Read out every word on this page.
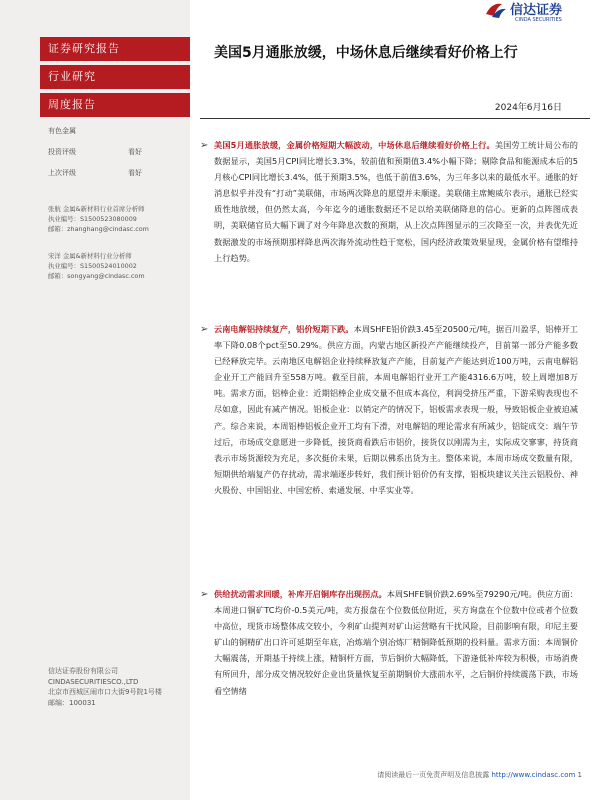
证券研究报告
行业研究
周度报告
有色金属
投资评级	看好
上次评级	看好
张航 金属&新材料行业首席分析师
执业编号：S1500523080009
邮箱：zhanghang@cindasc.com
宋洋 金属&新材料行业分析师
执业编号：S1500524010002
邮箱：songyang@cindasc.com
信达证券股份有限公司
CINDASECURITIESCO.,LTD
北京市西城区闹市口大街9号院1号楼
邮编：100031
信达证券
CINDA SECURITIES
美国5月通胀放缓，中场休息后继续看好价格上行
2024年6月16日
➢ 美国5月通胀放缓，金属价格短期大幅波动，中场休息后继续看好价格上行。美国劳工统计局公布的数据显示，美国5月CPI同比增长3.3%，较前值和预期值3.4%小幅下降；剔除食品和能源成本后的5月核心CPI同比增长3.4%，低于预期3.5%，也低于前值3.6%，为三年多以来的最低水平。通胀的好消息似乎并没有“打动”美联储，市场两次降息的愿望并未顺遂。美联储主席鲍威尔表示，通胀已经实质性地放缓，但仍然太高，今年迄今的通胀数据还不足以给美联储降息的信心。更新的点阵图成表明，美联储官员大幅下调了对今年降息次数的预期，从上次点阵图显示的三次降至一次，并表优先近数据激发的市场预期那样降息两次海外流动性趋于宽松，国内经济政策效果显现，金属价格有望维持上行趋势。
➢ 云南电解铝持续复产，铝价短期下跌。本周SHFE铝价跌3.45至20500元/吨，据百川盈孚，铝棒开工率下降0.08个pct至50.29%。供应方面，内蒙古地区新投产产能继续投产，目前第一部分产能多数已经释放完毕。云南地区电解铝企业持续释放复产产能，目前复产产能达到近100万吨，云南电解铝企业开工产能回升至558万吨。截至目前，本周电解铝行业开工产能4316.6万吨，较上周增加8万吨。需求方面，铝棒企业：近期铝棒企业成交量不但成本高位，利润受挤压严重，下游采购表现也不尽如意，因此有减产情况。铝板企业：以销定产的情况下，铝板需求表现一般，导致铝板企业被迫减产。综合来说，本周铝棒铝板企业开工均有下滑，对电解铝的理论需求有所减少，铝锭成交：端午节过后，市场成交意愿进一步降低，接货商看跌后市铝价，接货仅以刚需为主，实际成交寥寥，持货商表示市场货源较为充足，多次挺价未果，后期以佛系出货为主。整体来说，本周市场成交数量有限，短期供给端复产仍存扰动，需求端逐步转好，我们预计铝价仍有支撑，铝板块建议关注云铝股份、神火股份、中国铝业、中国宏桥、索通发展、中孚实业等。
➢ 供给扰动需求回暖，补库开启铜库存出现拐点。本周SHFE铜价跌2.69%至79290元/吨。供应方面：本周进口铜矿TC均价-0.5美元/吨，卖方报盘在个位数低位附近，买方询盘在个位数中位或者个位数中高位，现货市场整体成交较小，今利矿山提判对矿山运营略有干扰风险，目前影响有限，印尼主要矿山的铜精矿出口许可延期至年底，冶炼端个别冶炼厂精铜降低预期的投料量。需求方面：本周铜价大幅震荡，开期基于持续上涨，精铜杆方面，节后铜价大幅降低，下游逢低补库较为积极，市场消费有所回升，部分成交情况较好企业出货量恢复至前期铜价大涨前水平，之后铜价持续震荡下跌，市场看空情绪
请阅读最后一页免责声明及信息披露 http://www.cindasc.com 1
